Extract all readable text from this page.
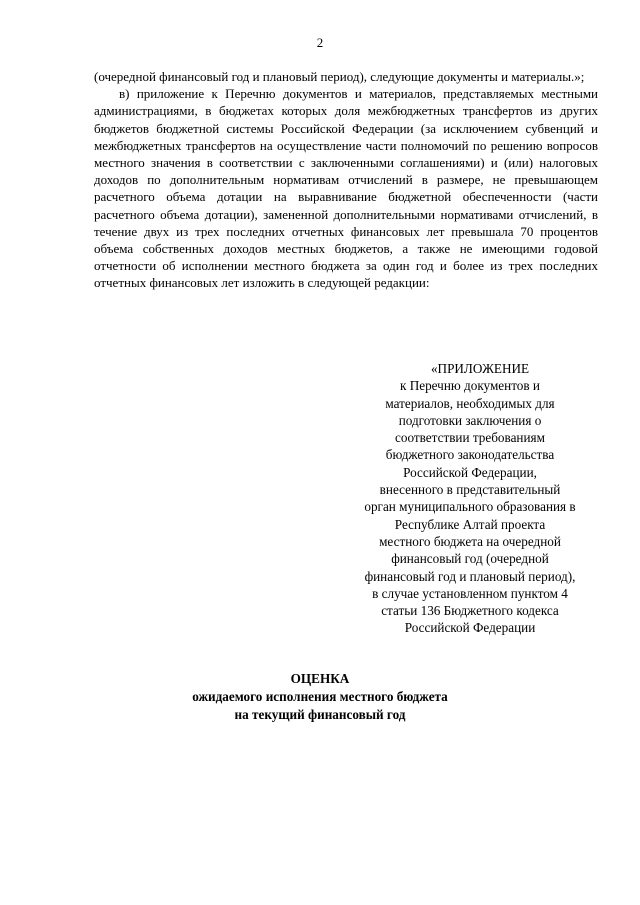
2

(очередной финансовый год и плановый период), следующие документы и материалы.»;

в) приложение к Перечню документов и материалов, представляемых местными администрациями, в бюджетах которых доля межбюджетных трансфертов из других бюджетов бюджетной системы Российской Федерации (за исключением субвенций и межбюджетных трансфертов на осуществление части полномочий по решению вопросов местного значения в соответствии с заключенными соглашениями) и (или) налоговых доходов по дополнительным нормативам отчислений в размере, не превышающем расчетного объема дотации на выравнивание бюджетной обеспеченности (части расчетного объема дотации), замененной дополнительными нормативами отчислений, в течение двух из трех последних отчетных финансовых лет превышала 70 процентов объема собственных доходов местных бюджетов, а также не имеющими годовой отчетности об исполнении местного бюджета за один год и более из трех последних отчетных финансовых лет изложить в следующей редакции:

«ПРИЛОЖЕНИЕ
к Перечню документов и
материалов, необходимых для
подготовки заключения о
соответствии требованиям
бюджетного законодательства
Российской Федерации,
внесенного в представительный
орган муниципального образования в
Республике Алтай проекта
местного бюджета на очередной
финансовый год (очередной
финансовый год и плановый период),
в случае установленном пунктом 4
статьи 136 Бюджетного кодекса
Российской Федерации
ОЦЕНКА
ожидаемого исполнения местного бюджета
на текущий финансовый год
